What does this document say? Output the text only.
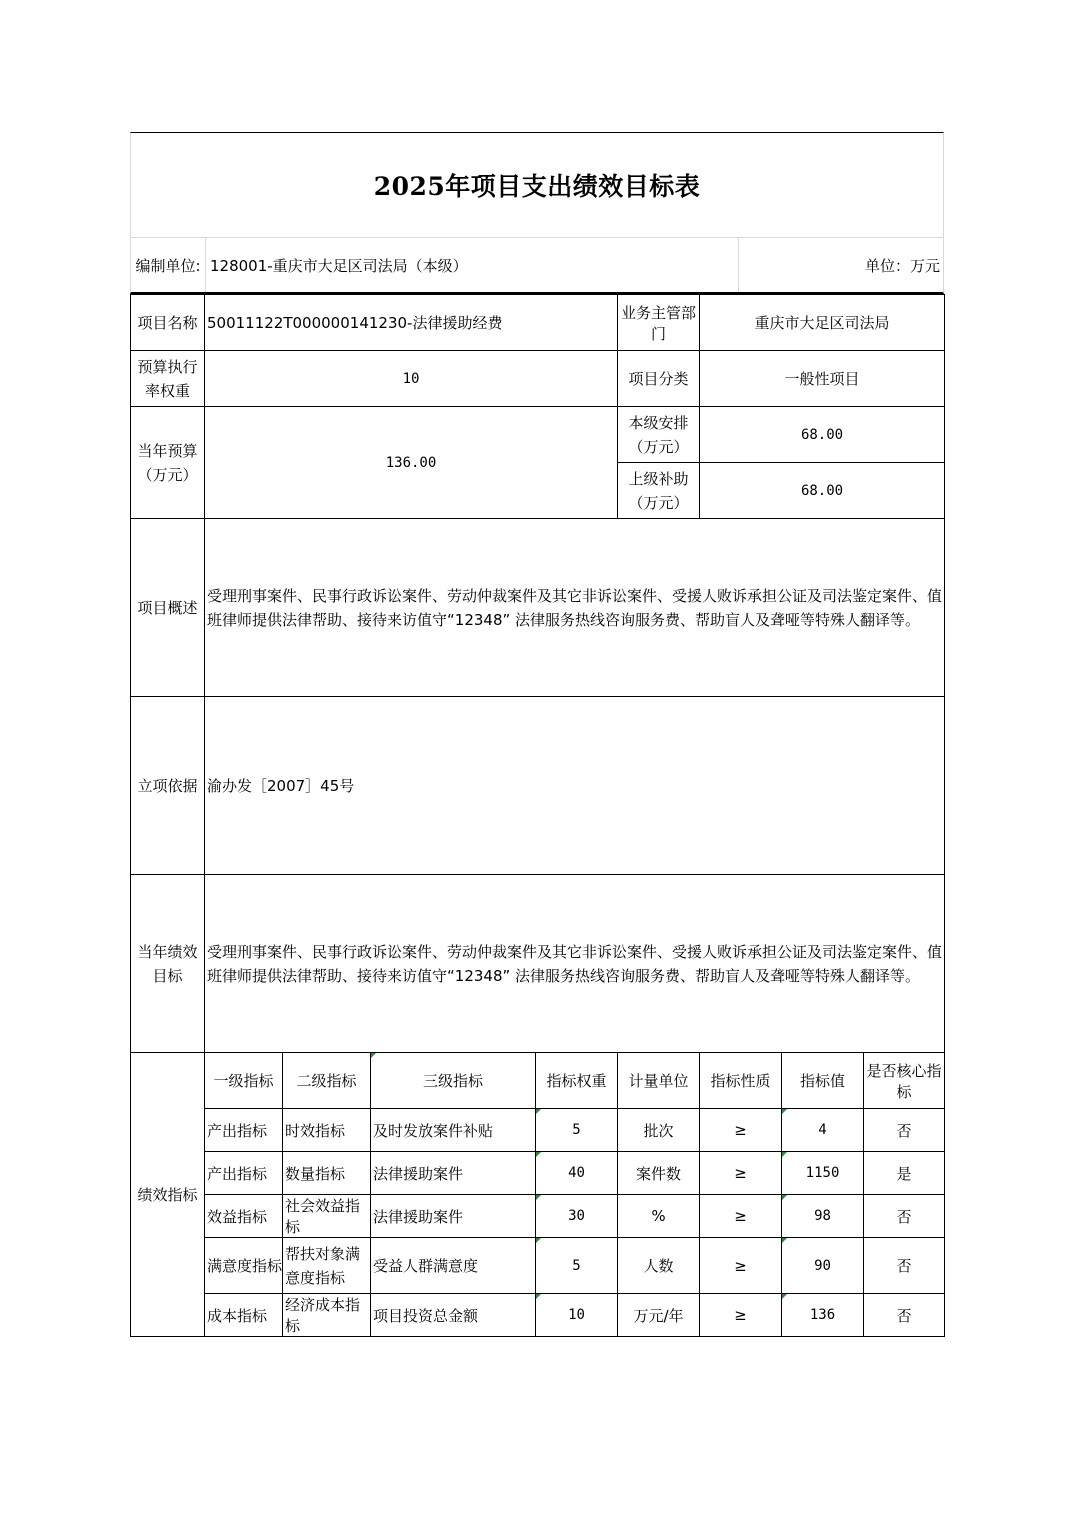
2025年项目支出绩效目标表
编制单位: 128001-重庆市大足区司法局（本级）	单位：万元
项目名称	50011122T000000141230-法律援助经费				业务主管部门	重庆市大足区司法局		
预算执行率权重	10				项目分类	一般性项目		
当年预算（万元）	136.00				本级安排（万元）	68.00		
					上级补助（万元）	68.00		
项目概述	受理刑事案件、民事行政诉讼案件、劳动仲裁案件及其它非诉讼案件、受援人败诉承担公证及司法鉴定案件、值班律师提供法律帮助、接待来访值守“12348” 法律服务热线咨询服务费、帮助盲人及聋哑等特殊人翻译等。							
立项依据	渝办发［2007］45号							
当年绩效目标	受理刑事案件、民事行政诉讼案件、劳动仲裁案件及其它非诉讼案件、受援人败诉承担公证及司法鉴定案件、值班律师提供法律帮助、接待来访值守“12348” 法律服务热线咨询服务费、帮助盲人及聋哑等特殊人翻译等。							
绩效指标	一级指标	二级指标	三级指标	指标权重	计量单位	指标性质	指标值	是否核心指标
	产出指标	时效指标	及时发放案件补贴	5	批次	≥	4	否
	产出指标	数量指标	法律援助案件	40	案件数	≥	1150	是
	效益指标	社会效益指标	法律援助案件	30	%	≥	98	否
	满意度指标	帮扶对象满意度指标	受益人群满意度	5	人数	≥	90	否
	成本指标	经济成本指标	项目投资总金额	10	万元/年	≥	136	否
